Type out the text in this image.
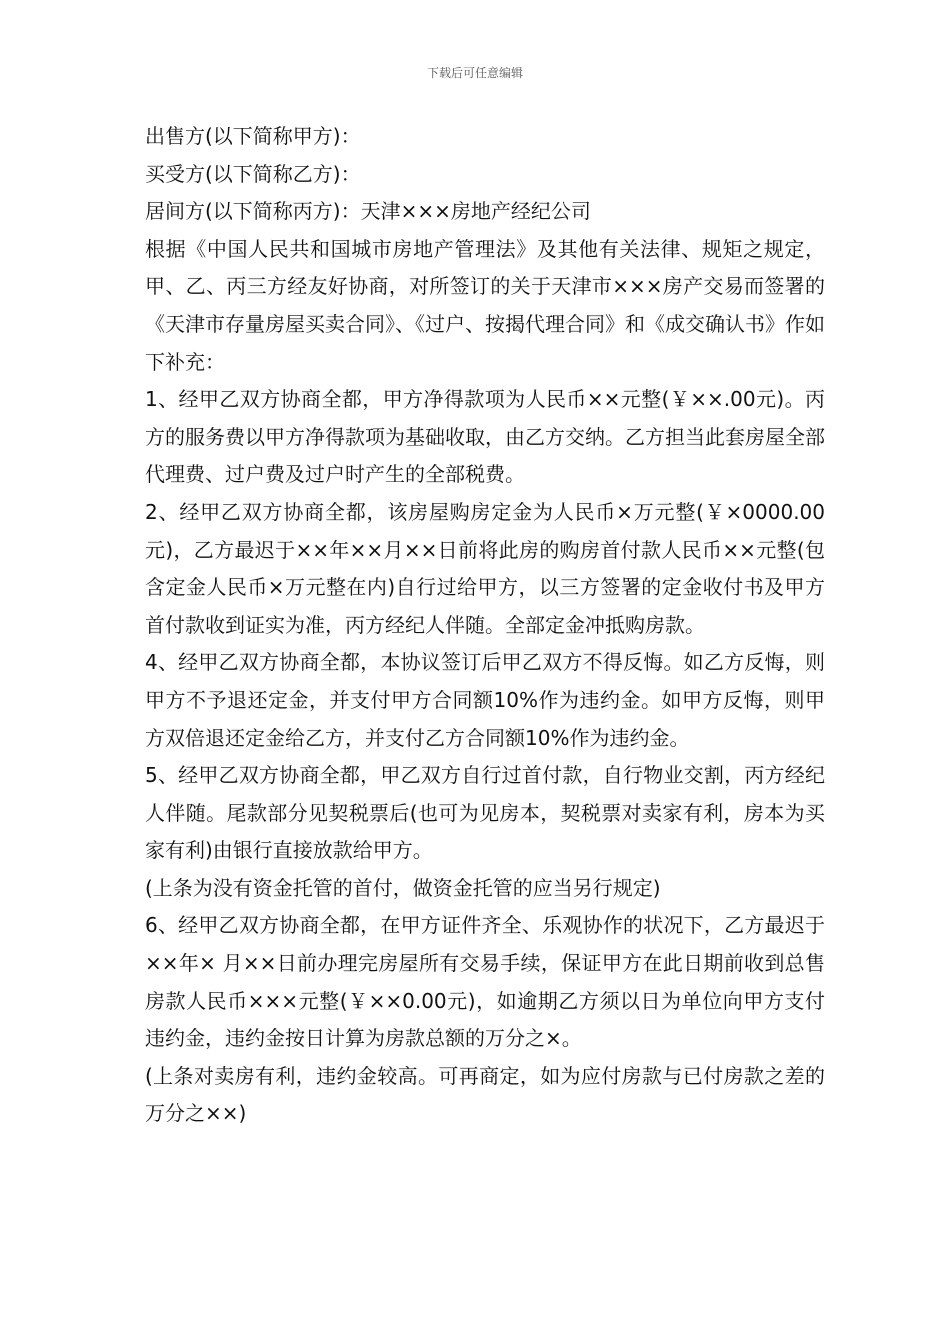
下载后可任意编辑

出售方(以下简称甲方)：

买受方(以下简称乙方)：

居间方(以下简称丙方)：天津×××房地产经纪公司

根据《中国人民共和国城市房地产管理法》及其他有关法律、规矩之规定，甲、乙、丙三方经友好协商，对所签订的关于天津市×××房产交易而签署的《天津市存量房屋买卖合同》、《过户、按揭代理合同》和《成交确认书》作如下补充：

1、经甲乙双方协商全都，甲方净得款项为人民币××元整(￥××.00元)。丙方的服务费以甲方净得款项为基础收取，由乙方交纳。乙方担当此套房屋全部代理费、过户费及过户时产生的全部税费。

2、经甲乙双方协商全都，该房屋购房定金为人民币×万元整(￥×0000.00元)，乙方最迟于××年××月××日前将此房的购房首付款人民币××元整(包含定金人民币×万元整在内)自行过给甲方，以三方签署的定金收付书及甲方首付款收到证实为准，丙方经纪人伴随。全部定金冲抵购房款。

4、经甲乙双方协商全都，本协议签订后甲乙双方不得反悔。如乙方反悔，则甲方不予退还定金，并支付甲方合同额10%作为违约金。如甲方反悔，则甲方双倍退还定金给乙方，并支付乙方合同额10%作为违约金。

5、经甲乙双方协商全都，甲乙双方自行过首付款，自行物业交割，丙方经纪人伴随。尾款部分见契税票后(也可为见房本，契税票对卖家有利，房本为买家有利)由银行直接放款给甲方。

(上条为没有资金托管的首付，做资金托管的应当另行规定)

6、经甲乙双方协商全都，在甲方证件齐全、乐观协作的状况下，乙方最迟于××年× 月××日前办理完房屋所有交易手续，保证甲方在此日期前收到总售房款人民币×××元整(￥××0.00元)，如逾期乙方须以日为单位向甲方支付违约金，违约金按日计算为房款总额的万分之×。

(上条对卖房有利，违约金较高。可再商定，如为应付房款与已付房款之差的万分之××)
